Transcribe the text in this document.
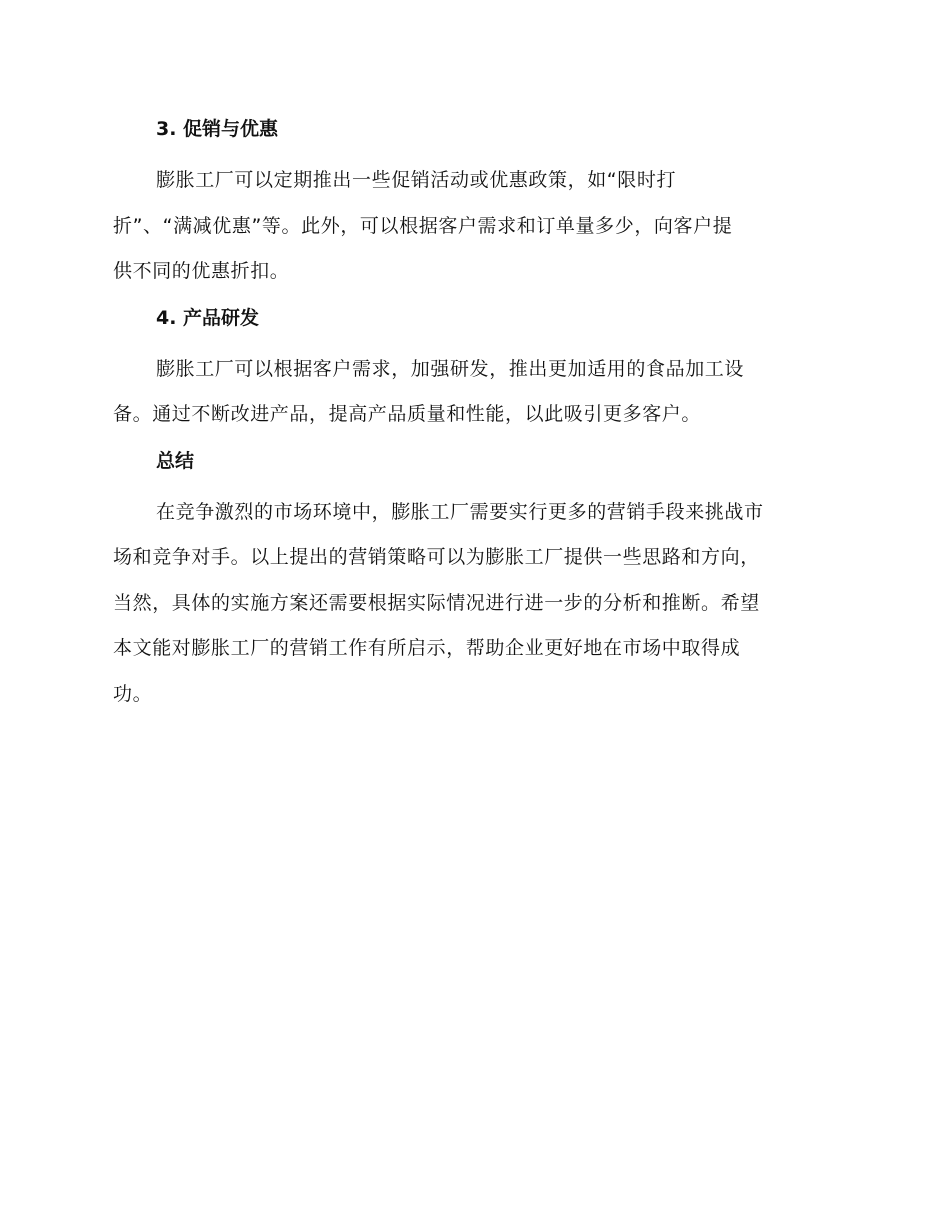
3. 促销与优惠
膨胀工厂可以定期推出一些促销活动或优惠政策，如“限时打
折”、“满减优惠”等。此外，可以根据客户需求和订单量多少，向客户提
供不同的优惠折扣。
4. 产品研发
膨胀工厂可以根据客户需求，加强研发，推出更加适用的食品加工设
备。通过不断改进产品，提高产品质量和性能，以此吸引更多客户。
总结
在竞争激烈的市场环境中，膨胀工厂需要实行更多的营销手段来挑战市
场和竞争对手。以上提出的营销策略可以为膨胀工厂提供一些思路和方向，
当然，具体的实施方案还需要根据实际情况进行进一步的分析和推断。希望
本文能对膨胀工厂的营销工作有所启示，帮助企业更好地在市场中取得成
功。
